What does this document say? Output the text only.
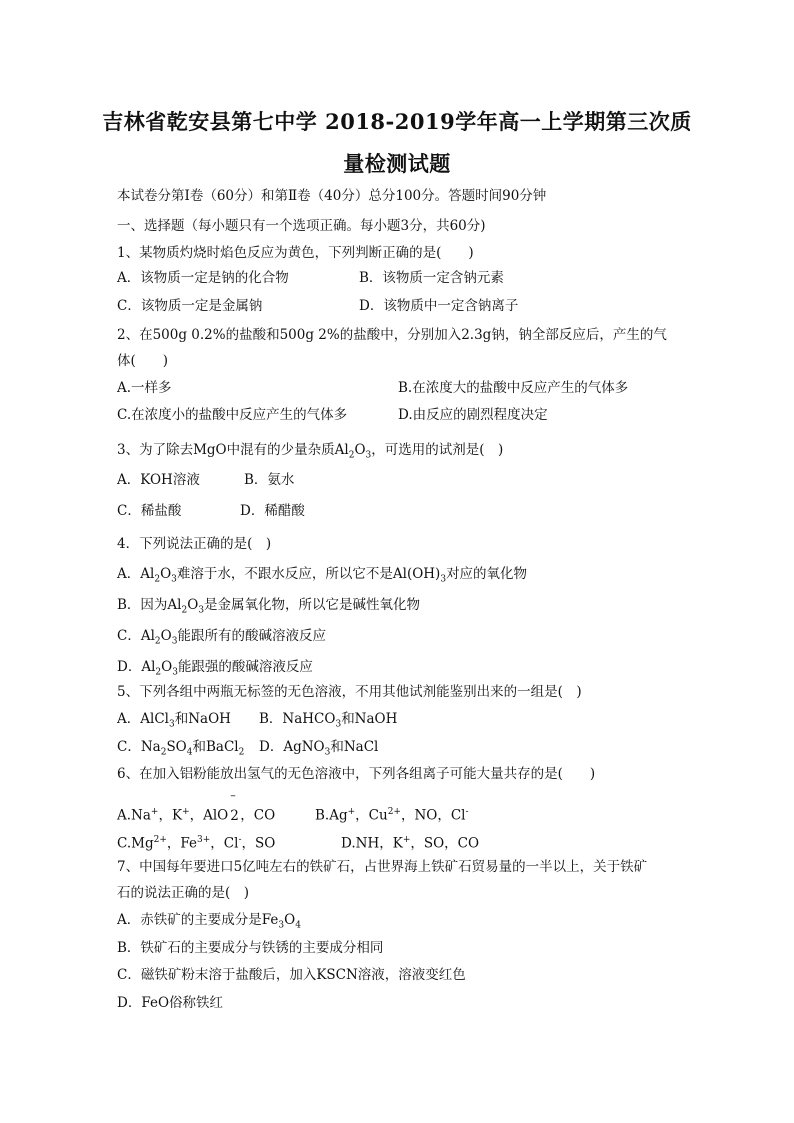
吉林省乾安县第七中学 2018-2019学年高一上学期第三次质
量检测试题
本试卷分第Ⅰ卷（60分）和第Ⅱ卷（40分）总分100分。答题时间90分钟
一、选择题（每小题只有一个选项正确。每小题3分，共60分)
1、某物质灼烧时焰色反应为黄色，下列判断正确的是(　　)
A．该物质一定是钠的化合物	B．该物质一定含钠元素
C．该物质一定是金属钠	D．该物质中一定含钠离子
2、在500g 0.2%的盐酸和500g 2%的盐酸中，分别加入2.3g钠，钠全部反应后，产生的气
体(　　)
A.一样多	B.在浓度大的盐酸中反应产生的气体多
C.在浓度小的盐酸中反应产生的气体多	D.由反应的剧烈程度决定
3、为了除去MgO中混有的少量杂质$Al_2O_3$，可选用的试剂是(　)
A．KOH溶液	B．氨水
C．稀盐酸	D．稀醋酸
4．下列说法正确的是(　)
A．$Al_2O_3$难溶于水，不跟水反应，所以它不是$Al(OH)_3$对应的氧化物
B．因为$Al_2O_3$是金属氧化物，所以它是碱性氧化物
C．$Al_2O_3$能跟所有的酸碱溶液反应
D．$Al_2O_3$能跟强的酸碱溶液反应
5、下列各组中两瓶无标签的无色溶液，不用其他试剂能鉴别出来的一组是(　)
A．AlCl$_3$和NaOH B．NaHCO$_3$和NaOH
C．$Na_2SO_4$和BaCl$_2$ D．AgNO$_3$和NaCl
6、在加入铝粉能放出氢气的无色溶液中，下列各组离子可能大量共存的是(　　)
A.Na+，K+，AlO
–
2，CO	B.Ag+，$Cu^{2+}$，NO，Cl-
$C.Mg^{2+}$，$Fe^{3+}$，Cl-，SO	D.NH，K+，SO，CO
7、中国每年要进口5亿吨左右的铁矿石，占世界海上铁矿石贸易量的一半以上，关于铁矿
石的说法正确的是(　)
A．赤铁矿的主要成分是$Fe_3O_4$
B．铁矿石的主要成分与铁锈的主要成分相同
C．磁铁矿粉末溶于盐酸后，加入KSCN溶液，溶液变红色
D．FeO俗称铁红
